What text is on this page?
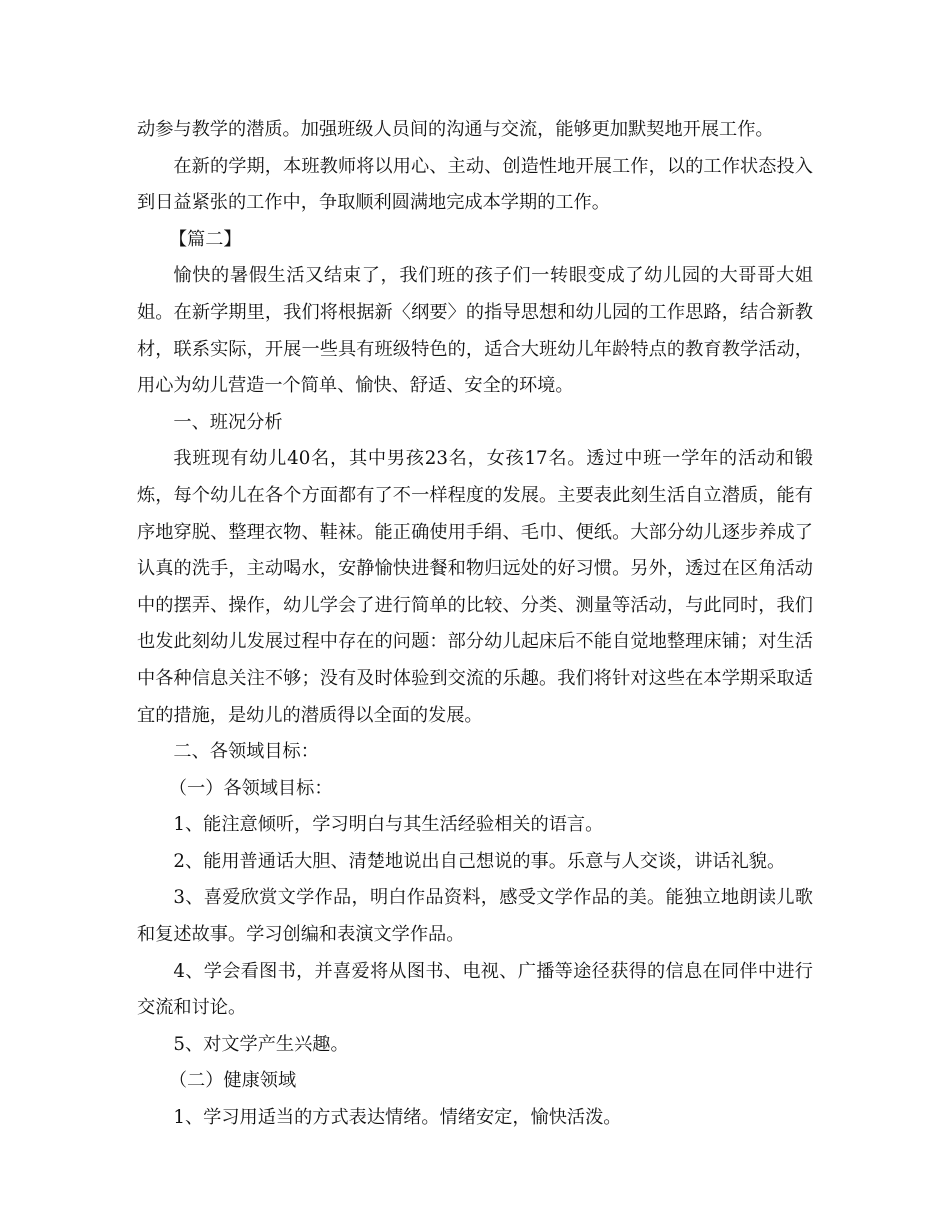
动参与教学的潜质。加强班级人员间的沟通与交流，能够更加默契地开展工作。

在新的学期，本班教师将以用心、主动、创造性地开展工作，以的工作状态投入到日益紧张的工作中，争取顺利圆满地完成本学期的工作。

【篇二】

愉快的暑假生活又结束了，我们班的孩子们一转眼变成了幼儿园的大哥哥大姐姐。在新学期里，我们将根据新〈纲要〉的指导思想和幼儿园的工作思路，结合新教材，联系实际，开展一些具有班级特色的，适合大班幼儿年龄特点的教育教学活动，用心为幼儿营造一个简单、愉快、舒适、安全的环境。

一、班况分析

我班现有幼儿40名，其中男孩23名，女孩17名。透过中班一学年的活动和锻炼，每个幼儿在各个方面都有了不一样程度的发展。主要表此刻生活自立潜质，能有序地穿脱、整理衣物、鞋袜。能正确使用手绢、毛巾、便纸。大部分幼儿逐步养成了认真的洗手，主动喝水，安静愉快进餐和物归远处的好习惯。另外，透过在区角活动中的摆弄、操作，幼儿学会了进行简单的比较、分类、测量等活动，与此同时，我们也发此刻幼儿发展过程中存在的问题：部分幼儿起床后不能自觉地整理床铺；对生活中各种信息关注不够；没有及时体验到交流的乐趣。我们将针对这些在本学期采取适宜的措施，是幼儿的潜质得以全面的发展。

二、各领域目标：

（一）各领域目标：

1、能注意倾听，学习明白与其生活经验相关的语言。

2、能用普通话大胆、清楚地说出自己想说的事。乐意与人交谈，讲话礼貌。

3、喜爱欣赏文学作品，明白作品资料，感受文学作品的美。能独立地朗读儿歌和复述故事。学习创编和表演文学作品。

4、学会看图书，并喜爱将从图书、电视、广播等途径获得的信息在同伴中进行交流和讨论。

5、对文学产生兴趣。

（二）健康领域

1、学习用适当的方式表达情绪。情绪安定，愉快活泼。
